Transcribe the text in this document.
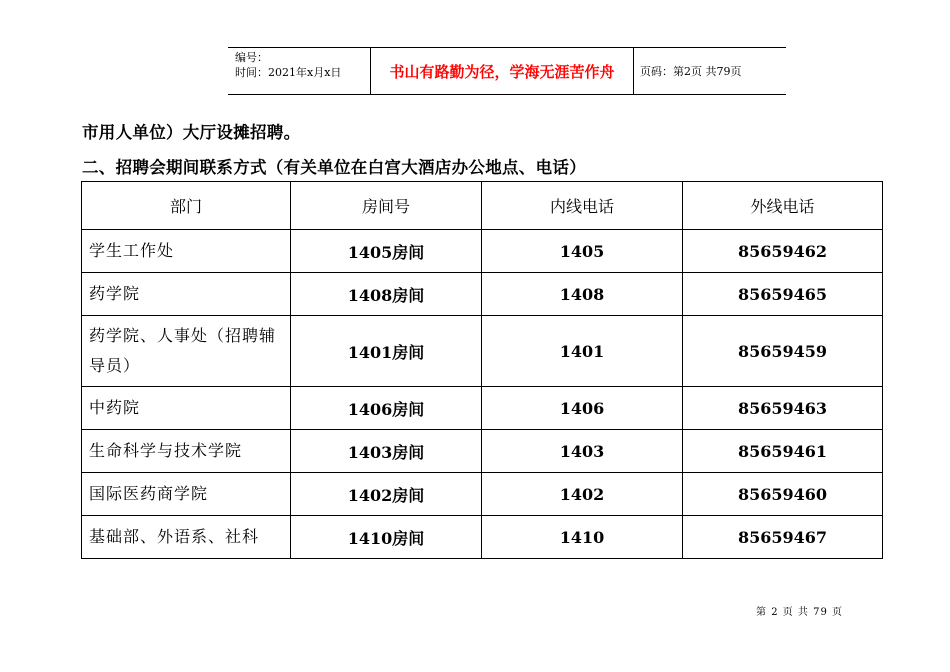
编号：
时间：2021年x月x日	书山有路勤为径，学海无涯苦作舟	页码：第2页 共79页
市用人单位）大厅设摊招聘。
二、招聘会期间联系方式（有关单位在白宫大酒店办公地点、电话）
部门	房间号	内线电话	外线电话
学生工作处	1405房间	1405	85659462
药学院	1408房间	1408	85659465
药学院、人事处（招聘辅导员）	1401房间	1401	85659459
中药院	1406房间	1406	85659463
生命科学与技术学院	1403房间	1403	85659461
国际医药商学院	1402房间	1402	85659460
基础部、外语系、社科	1410房间	1410	85659467
第 2 页 共 79 页
